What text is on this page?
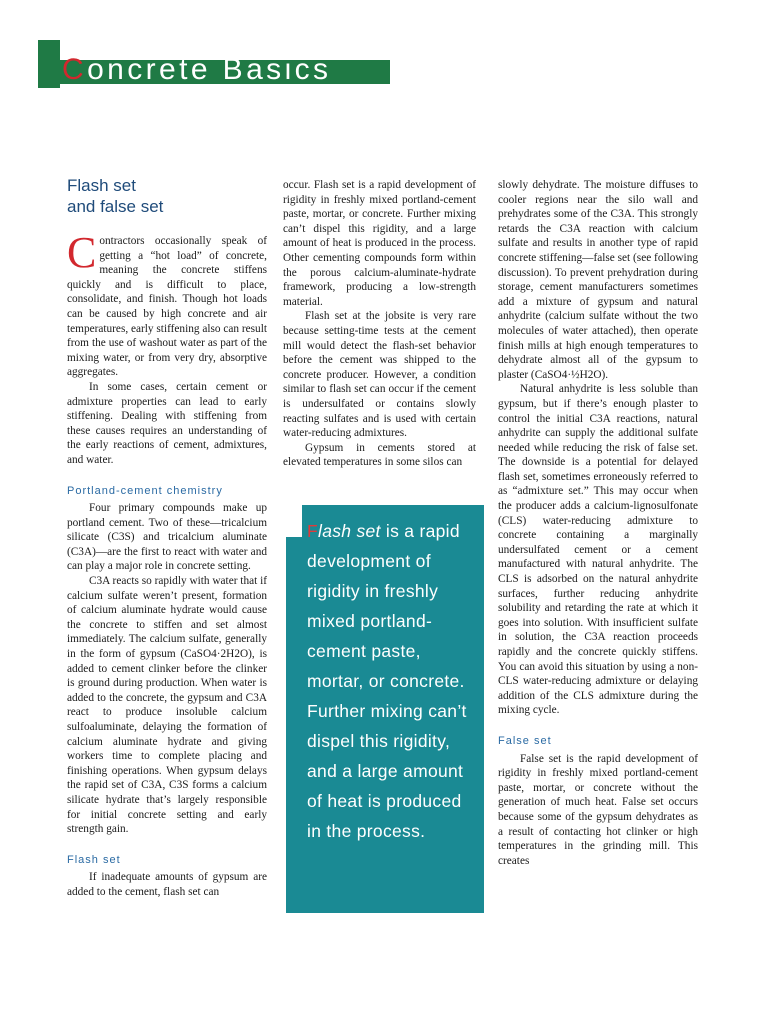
Concrete Basics
Flash set
and false set

Contractors occasionally speak of getting a “hot load” of concrete, meaning the concrete stiffens quickly and is difficult to place, consolidate, and finish. Though hot loads can be caused by high concrete and air temperatures, early stiffening also can result from the use of washout water as part of the mixing water, or from very dry, absorptive aggregates.

In some cases, certain cement or admixture properties can lead to early stiffening. Dealing with stiffening from these causes requires an understanding of the early reactions of cement, admixtures, and water.

Portland-cement chemistry

Four primary compounds make up portland cement. Two of these—tricalcium silicate (C3S) and tricalcium aluminate (C3A)—are the first to react with water and can play a major role in concrete setting.

C3A reacts so rapidly with water that if calcium sulfate weren’t present, formation of calcium aluminate hydrate would cause the concrete to stiffen and set almost immediately. The calcium sulfate, generally in the form of gypsum (CaSO4·2H2O), is added to cement clinker before the clinker is ground during production. When water is added to the concrete, the gypsum and C3A react to produce insoluble calcium sulfoaluminate, delaying the formation of calcium aluminate hydrate and giving workers time to complete placing and finishing operations. When gypsum delays the rapid set of C3A, C3S forms a calcium silicate hydrate that’s largely responsible for initial concrete setting and early strength gain.

Flash set

If inadequate amounts of gypsum are added to the cement, flash set can

occur. Flash set is a rapid development of rigidity in freshly mixed portland-cement paste, mortar, or concrete. Further mixing can’t dispel this rigidity, and a large amount of heat is produced in the process. Other cementing compounds form within the porous calcium-aluminate-hydrate framework, producing a low-strength material.

Flash set at the jobsite is very rare because setting-time tests at the cement mill would detect the flash-set behavior before the cement was shipped to the concrete producer. However, a condition similar to flash set can occur if the cement is undersulfated or contains slowly reacting sulfates and is used with certain water-reducing admixtures.

Gypsum in cements stored at elevated temperatures in some silos can

Flash set is a rapid development of rigidity in freshly mixed portland-cement paste, mortar, or concrete. Further mixing can’t dispel this rigidity, and a large amount of heat is produced in the process.

slowly dehydrate. The moisture diffuses to cooler regions near the silo wall and prehydrates some of the C3A. This strongly retards the C3A reaction with calcium sulfate and results in another type of rapid concrete stiffening—false set (see following discussion). To prevent prehydration during storage, cement manufacturers sometimes add a mixture of gypsum and natural anhydrite (calcium sulfate without the two molecules of water attached), then operate finish mills at high enough temperatures to dehydrate almost all of the gypsum to plaster (CaSO4·½H2O).

Natural anhydrite is less soluble than gypsum, but if there’s enough plaster to control the initial C3A reactions, natural anhydrite can supply the additional sulfate needed while reducing the risk of false set. The downside is a potential for delayed flash set, sometimes erroneously referred to as “admixture set.” This may occur when the producer adds a calcium-lignosulfonate (CLS) water-reducing admixture to concrete containing a marginally undersulfated cement or a cement manufactured with natural anhydrite. The CLS is adsorbed on the natural anhydrite surfaces, further reducing anhydrite solubility and retarding the rate at which it goes into solution. With insufficient sulfate in solution, the C3A reaction proceeds rapidly and the concrete quickly stiffens. You can avoid this situation by using a non-CLS water-reducing admixture or delaying addition of the CLS admixture during the mixing cycle.

False set

False set is the rapid development of rigidity in freshly mixed portland-cement paste, mortar, or concrete without the generation of much heat. False set occurs because some of the gypsum dehydrates as a result of contacting hot clinker or high temperatures in the grinding mill. This creates
